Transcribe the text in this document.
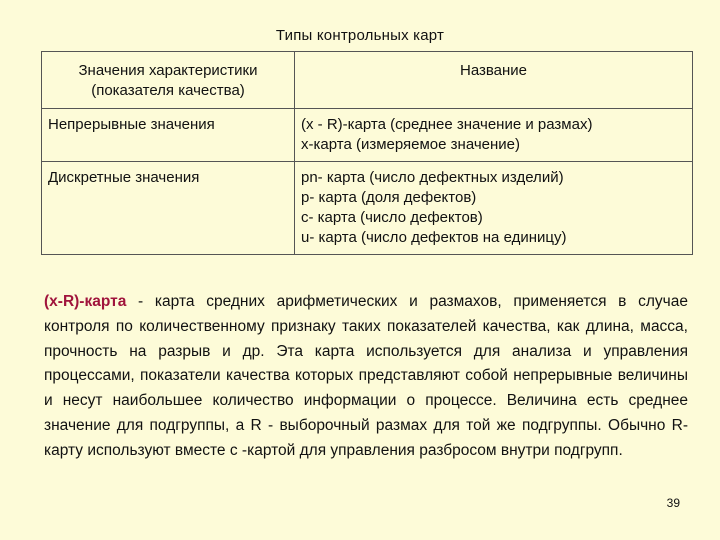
Типы контрольных карт
Значения характеристики (показателя качества)	Название
Непрерывные значения	(x - R)-карта (среднее значение и размах)
x-карта (измеряемое значение)

Дискретные значения	pn- карта (число дефектных изделий)
p- карта (доля дефектов)
c- карта (число дефектов)
u- карта (число дефектов на единицу)
(x-R)-карта - карта средних арифметических и размахов, применяется в случае контроля по количественному признаку таких показателей качества, как длина, масса, прочность на разрыв и др. Эта карта используется для анализа и управления процессами, показатели качества которых представляют собой непрерывные величины и несут наибольшее количество информации о процессе. Величина есть среднее значение для подгруппы, а R - выборочный размах для той же подгруппы. Обычно R-карту используют вместе с -картой для управления разбросом внутри подгрупп.
39
